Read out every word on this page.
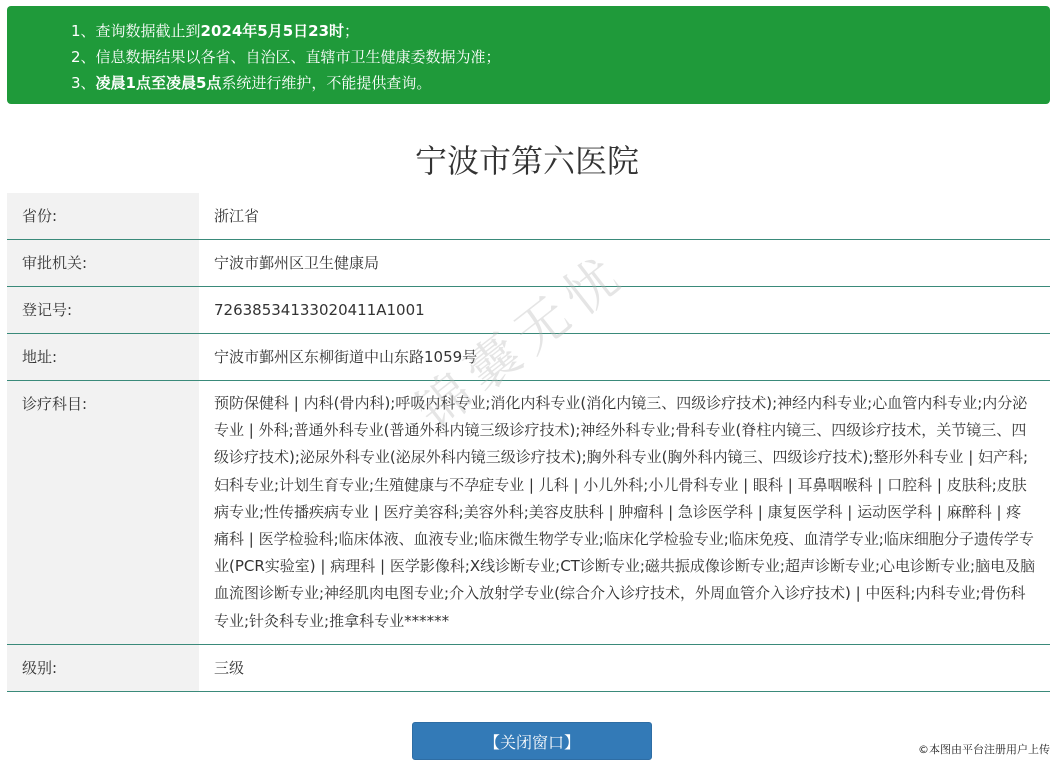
1、查询数据截止到2024年5月5日23时；
2、信息数据结果以各省、自治区、直辖市卫生健康委数据为准；
3、凌晨1点至凌晨5点系统进行维护，不能提供查询。
宁波市第六医院
省份:	浙江省
审批机关:	宁波市鄞州区卫生健康局
登记号:	72638534133020411A1001
地址:	宁波市鄞州区东柳街道中山东路1059号
诊疗科目:	预防保健科 | 内科(骨内科);呼吸内科专业;消化内科专业(消化内镜三、四级诊疗技术);神经内科专业;心血管内科专业;内分泌专业 | 外科;普通外科专业(普通外科内镜三级诊疗技术);神经外科专业;骨科专业(脊柱内镜三、四级诊疗技术，关节镜三、四级诊疗技术);泌尿外科专业(泌尿外科内镜三级诊疗技术);胸外科专业(胸外科内镜三、四级诊疗技术);整形外科专业 | 妇产科;妇科专业;计划生育专业;生殖健康与不孕症专业 | 儿科 | 小儿外科;小儿骨科专业 | 眼科 | 耳鼻咽喉科 | 口腔科 | 皮肤科;皮肤病专业;性传播疾病专业 | 医疗美容科;美容外科;美容皮肤科 | 肿瘤科 | 急诊医学科 | 康复医学科 | 运动医学科 | 麻醉科 | 疼痛科 | 医学检验科;临床体液、血液专业;临床微生物学专业;临床化学检验专业;临床免疫、血清学专业;临床细胞分子遗传学专业(PCR实验室) | 病理科 | 医学影像科;X线诊断专业;CT诊断专业;磁共振成像诊断专业;超声诊断专业;心电诊断专业;脑电及脑血流图诊断专业;神经肌肉电图专业;介入放射学专业(综合介入诊疗技术，外周血管介入诊疗技术) | 中医科;内科专业;骨伤科专业;针灸科专业;推拿科专业******
级别:	三级
锦囊无忧
【关闭窗口】	©本图由平台注册用户上传
